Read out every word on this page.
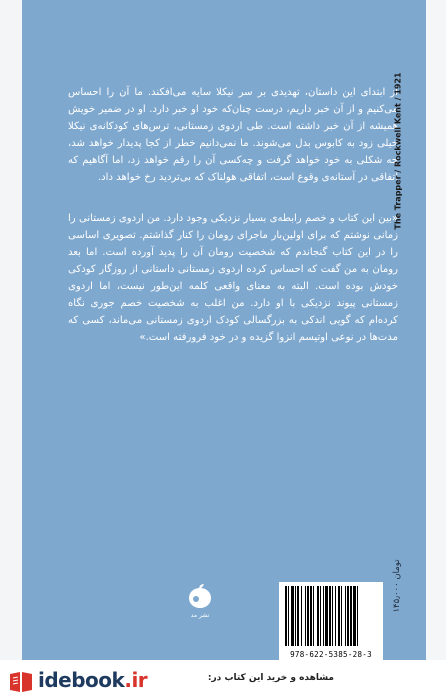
از ابتدای این داستان، تهدیدی بر سر نیکلا سایه می‌افکند. ما آن را احساس می‌کنیم و از آن خبر داریم، درست چنان‌که خود او خبر دارد. او در ضمیر خویش همیشه از آن خبر داشته است. طی اردوی زمستانی، ترس‌های کودکانه‌ی نیکلا خیلی زود به کابوس بدل می‌شوند. ما نمی‌دانیم خطر از کجا پدیدار خواهد شد، چه شکلی به خود خواهد گرفت و چه‌کسی آن را رقم خواهد زد، اما آگاهیم که اتفاقی در آستانه‌ی وقوع است، اتفاقی هولناک که بی‌تردید رخ خواهد داد.

«بین این کتاب و خصم رابطه‌ی بسیار نزدیکی وجود دارد. من اردوی زمستانی را زمانی نوشتم که برای اولین‌بار ماجرای رومان را کنار گذاشتم. تصویری اساسی را در این کتاب گنجاندم که شخصیت رومان آن را پدید آورده است. اما بعد رومان به من گفت که احساس کرده اردوی زمستانی داستانی از روزگار کودکی خودش بوده است. البته به معنای واقعی کلمه این‌طور نیست، اما اردوی زمستانی پیوند نزدیکی با او دارد. من اغلب به شخصیت خصم جوری نگاه کرده‌ام که گویی اندکی به بزرگسالی کودک اردوی زمستانی می‌ماند، کسی که مدت‌ها در نوعی اوتیسم انزوا گزیده و در خود فرورفته است.»

The Trapper / Rockwell Kent / 1921
۱۴۵٫۰۰۰ تومان
نشر مد
978-622-5385-28-3
idebook.ir	مشاهده و خرید این کتاب در:
